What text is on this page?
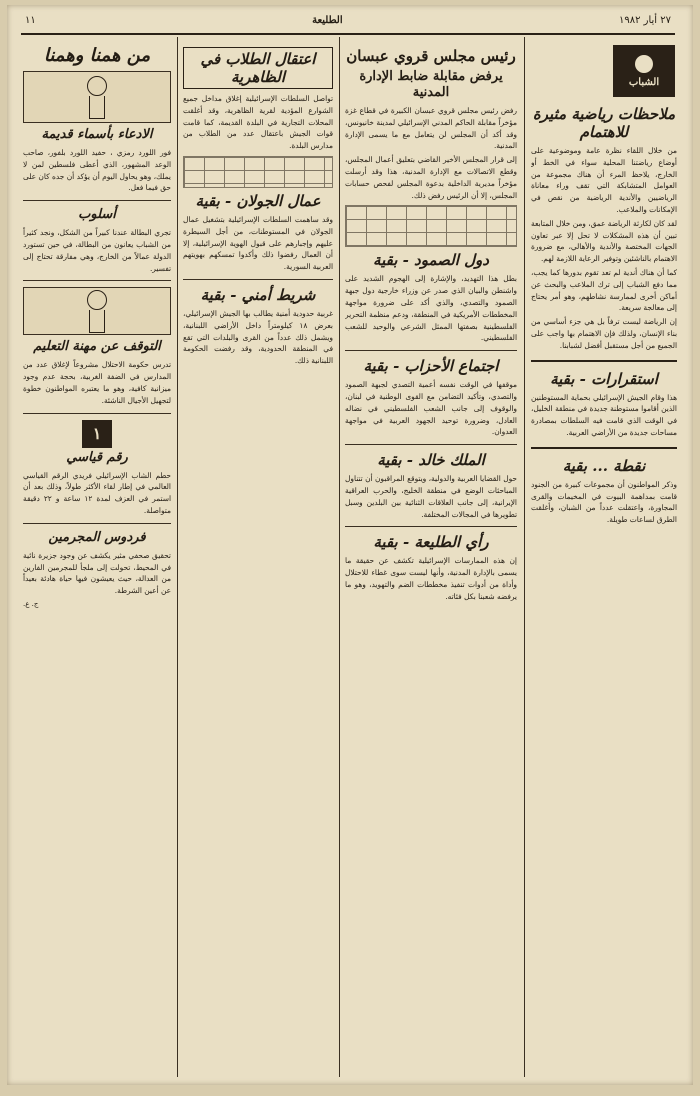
١١	الطليعة	٢٧ أيار ١٩٨٢
الشباب
ملاحظات رياضية مثيرة للاهتمام

من خلال اللقاء نظرة عامة وموضوعية على أوضاع رياضتنا المحلية سواء في الخط أو الخارج، يلاحظ المرء أن هناك مجموعة من العوامل المتشابكة التي تقف وراء معاناة الرياضيين والأندية الرياضية من نقص في الإمكانات والملاعب.

لقد كان لكارثة الرياضة عمق، ومن خلال المتابعة تبين أن هذه المشكلات لا تحل إلا عبر تعاون الجهات المختصة والأندية والأهالي، مع ضرورة الاهتمام بالناشئين وتوفير الرعاية اللازمة لهم.

كما أن هناك أندية لم تعد تقوم بدورها كما يجب، مما دفع الشباب إلى ترك الملاعب والبحث عن أماكن أخرى لممارسة نشاطهم، وهو أمر يحتاج إلى معالجة سريعة.

إن الرياضة ليست ترفاً بل هي جزء أساسي من بناء الإنسان، ولذلك فإن الاهتمام بها واجب على الجميع من أجل مستقبل أفضل لشبابنا.

استقرارات - بقية

هذا وقام الجيش الإسرائيلي بحماية المستوطنين الذين أقاموا مستوطنة جديدة في منطقة الخليل، في الوقت الذي قامت فيه السلطات بمصادرة مساحات جديدة من الأراضي العربية.

نقطة ... بقية

وذكر المواطنون أن مجموعات كبيرة من الجنود قامت بمداهمة البيوت في المخيمات والقرى المجاورة، واعتقلت عدداً من الشبان، وأغلقت الطرق لساعات طويلة.

رئيس مجلس قروي عبسان
يرفض مقابلة ضابط الإدارة المدنية

رفض رئيس مجلس قروي عبسان الكبيرة في قطاع غزة مؤخراً مقابلة الحاكم المدني الإسرائيلي لمدينة خانيونس، وقد أكد أن المجلس لن يتعامل مع ما يسمى الإدارة المدنية.

إلى قرار المجلس الأخير القاضي بتعليق أعمال المجلس، وقطع الاتصالات مع الإدارة المدنية، هذا وقد أرسلت مؤخراً مديرية الداخلية بدعوة المجلس لفحص حسابات المجلس، إلا أن الرئيس رفض ذلك.

دول الصمود - بقية

بطل هذا التهديد، والإشارة إلى الهجوم الشديد على واشنطن والبيان الذي صدر عن وزراء خارجية دول جبهة الصمود والتصدي، والذي أكد على ضرورة مواجهة المخططات الأمريكية في المنطقة، ودعم منظمة التحرير الفلسطينية بصفتها الممثل الشرعي والوحيد للشعب الفلسطيني.

اجتماع الأحزاب - بقية

موقفها في الوقت نفسه أعمية التصدي لجبهة الصمود والتصدي، وتأكيد التضامن مع القوى الوطنية في لبنان، والوقوف إلى جانب الشعب الفلسطيني في نضاله العادل، وضرورة توحيد الجهود العربية في مواجهة العدوان.

الملك خالد - بقية

حول القضايا العربية والدولية، ويتوقع المراقبون أن تتناول المباحثات الوضع في منطقة الخليج، والحرب العراقية الإيرانية، إلى جانب العلاقات الثنائية بين البلدين وسبل تطويرها في المجالات المختلفة.

رأي الطليعة - بقية

إن هذه الممارسات الإسرائيلية تكشف عن حقيقة ما يسمى بالإدارة المدنية، وأنها ليست سوى غطاء للاحتلال وأداة من أدوات تنفيذ مخططات الضم والتهويد، وهو ما يرفضه شعبنا بكل فئاته.

اعتقال الطلاب في الظاهرية

تواصل السلطات الإسرائيلية إغلاق مداخل جميع الشوارع المؤدية لقرية الظاهرية، وقد أغلقت المحلات التجارية في البلدة القديمة، كما قامت قوات الجيش باعتقال عدد من الطلاب من مدارس البلدة.

عمال الجولان - بقية

وقد ساهمت السلطات الإسرائيلية بتشغيل عمال الجولان في المستوطنات، من أجل السيطرة عليهم وإجبارهم على قبول الهوية الإسرائيلية، إلا أن العمال رفضوا ذلك وأكدوا تمسكهم بهويتهم العربية السورية.

شريط أمني - بقية

غربية حدودية أمنية يطالب بها الجيش الإسرائيلي، بعرض ١٨ كيلومتراً داخل الأراضي اللبنانية، ويشمل ذلك عدداً من القرى والبلدات التي تقع في المنطقة الحدودية، وقد رفضت الحكومة اللبنانية ذلك.

من همنا وهمنا
الادعاء بأسماء قديمة

فور اللورد رمزي ، حفيد اللورد بلفور، صاحب الوعد المشهور، الذي أعطى فلسطين لمن لا يملك، وهو يحاول اليوم أن يؤكد أن جده كان على حق فيما فعل.

أسلوب

تجري البطالة عندنا كبيراً من الشكل، ونجد كثيراً من الشباب يعانون من البطالة، في حين تستورد الدولة عمالاً من الخارج، وهي مفارقة تحتاج إلى تفسير.

التوقف عن مهنة التعليم

تدرس حكومة الاحتلال مشروعاً لإغلاق عدد من المدارس في الضفة الغربية، بحجة عدم وجود ميزانية كافية، وهو ما يعتبره المواطنون خطوة لتجهيل الأجيال الناشئة.

١
رقم قياسي

حطم الشاب الإسرائيلي فريدي الرقم القياسي العالمي في إطار لقاء الأكثر طولاً، وذلك بعد أن استمر في العزف لمدة ١٢ ساعة و ٢٢ دقيقة متواصلة.

فردوس المجرمين

تحقيق صحفي مثير يكشف عن وجود جزيرة نائية في المحيط، تحولت إلى ملجأ للمجرمين الفارين من العدالة، حيث يعيشون فيها حياة هادئة بعيداً عن أعين الشرطة.

ج. ع.
